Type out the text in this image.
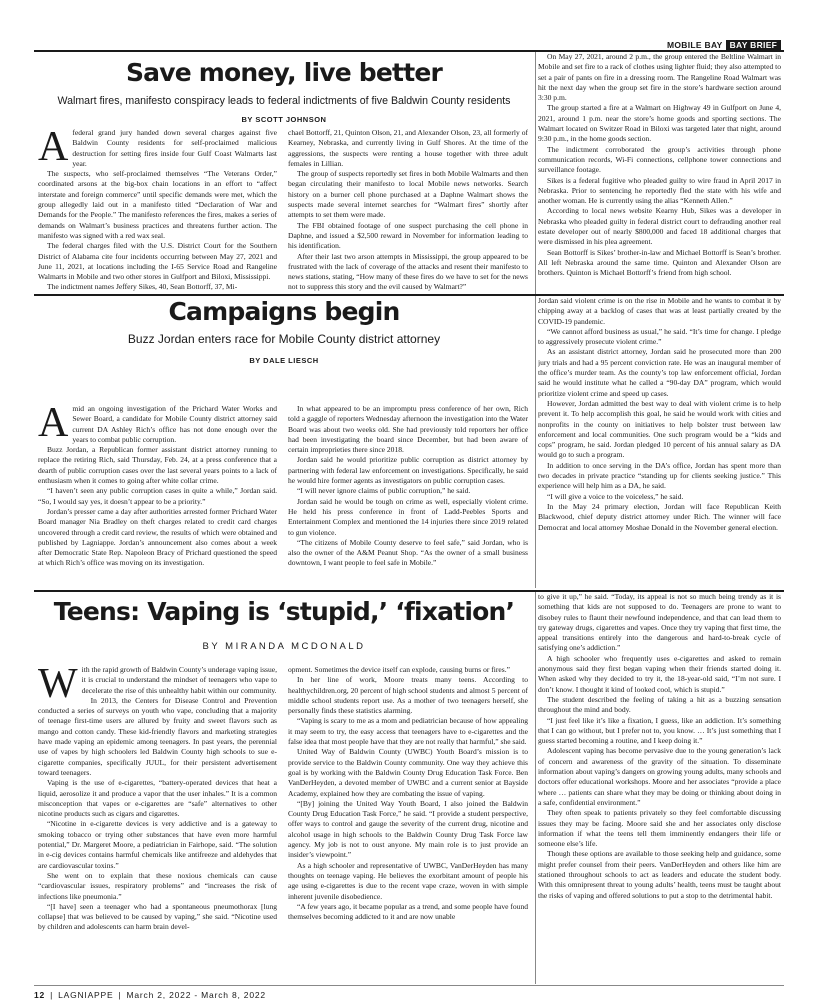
MOBILE BAY BAY BRIEF
Save money, live better
Walmart fires, manifesto conspiracy leads to federal indictments of five Baldwin County residents
BY SCOTT JOHNSON
A federal grand jury handed down several charges against five Baldwin County residents for self-proclaimed malicious destruction for setting fires inside four Gulf Coast Walmarts last year.

The suspects, who self-proclaimed themselves “The Veterans Order,” coordinated arsons at the big-box chain locations in an effort to “affect interstate and foreign commerce” until specific demands were met, which the group allegedly laid out in a manifesto titled “Declaration of War and Demands for the People.” The manifesto references the fires, makes a series of demands on Walmart’s business practices and threatens further action. The manifesto was signed with a red wax seal.

The federal charges filed with the U.S. District Court for the Southern District of Alabama cite four incidents occurring between May 27, 2021 and June 11, 2021, at locations including the I-65 Service Road and Rangeline Walmarts in Mobile and two other stores in Gulfport and Biloxi, Mississippi.

The indictment names Jeffery Sikes, 40, Sean Bottorff, 37, Mi-

chael Bottorff, 21, Quinton Olson, 21, and Alexander Olson, 23, all formerly of Kearney, Nebraska, and currently living in Gulf Shores. At the time of the aggressions, the suspects were renting a house together with three adult females in Lillian.

The group of suspects reportedly set fires in both Mobile Walmarts and then began circulating their manifesto to local Mobile news networks. Search history on a burner cell phone purchased at a Daphne Walmart shows the suspects made several internet searches for “Walmart fires” shortly after attempts to set them were made.

The FBI obtained footage of one suspect purchasing the cell phone in Daphne, and issued a $2,500 reward in November for information leading to his identification.

After their last two arson attempts in Mississippi, the group appeared to be frustrated with the lack of coverage of the attacks and resent their manifesto to news stations, stating, “How many of these fires do we have to set for the news not to suppress this story and the evil caused by Walmart?”

On May 27, 2021, around 2 p.m., the group entered the Beltline Walmart in Mobile and set fire to a rack of clothes using lighter fluid; they also attempted to set a pair of pants on fire in a dressing room. The Rangeline Road Walmart was hit the next day when the group set fire in the store’s hardware section around 3:30 p.m.

The group started a fire at a Walmart on Highway 49 in Gulfport on June 4, 2021, around 1 p.m. near the store’s home goods and sporting sections. The Walmart located on Switzer Road in Biloxi was targeted later that night, around 9:30 p.m., in the home goods section.

The indictment corroborated the group’s activities through phone communication records, Wi-Fi connections, cellphone tower connections and surveillance footage.

Sikes is a federal fugitive who pleaded guilty to wire fraud in April 2017 in Nebraska. Prior to sentencing he reportedly fled the state with his wife and another woman. He is currently using the alias “Kenneth Allen.”

According to local news website Kearny Hub, Sikes was a developer in Nebraska who pleaded guilty in federal district court to defrauding another real estate developer out of nearly $800,000 and faced 18 additional charges that were dismissed in his plea agreement.

Sean Bottorff is Sikes’ brother-in-law and Michael Bottorff is Sean’s brother. All left Nebraska around the same time. Quinton and Alexander Olson are brothers. Quinton is Michael Bottorff’s friend from high school.

Campaigns begin
Buzz Jordan enters race for Mobile County district attorney
BY DALE LIESCH
A mid an ongoing investigation of the Prichard Water Works and Sewer Board, a candidate for Mobile County district attorney said current DA Ashley Rich’s office has not done enough over the years to combat public corruption.

Buzz Jordan, a Republican former assistant district attorney running to replace the retiring Rich, said Thursday, Feb. 24, at a press conference that a dearth of public corruption cases over the last several years points to a lack of enthusiasm when it comes to going after white collar crime.

“I haven’t seen any public corruption cases in quite a while,” Jordan said. “So, I would say yes, it doesn’t appear to be a priority.”

Jordan’s presser came a day after authorities arrested former Prichard Water Board manager Nia Bradley on theft charges related to credit card charges uncovered through a credit card review, the results of which were obtained and published by Lagniappe. Jordan’s announcement also comes about a week after Democratic State Rep. Napoleon Bracy of Prichard questioned the speed at which Rich’s office was moving on its investigation.

In what appeared to be an impromptu press conference of her own, Rich told a gaggle of reporters Wednesday afternoon the investigation into the Water Board was about two weeks old. She had previously told reporters her office had been investigating the board since December, but had been aware of certain improprieties there since 2018.

Jordan said he would prioritize public corruption as district attorney by partnering with federal law enforcement on investigations. Specifically, he said he would hire former agents as investigators on public corruption cases.

“I will never ignore claims of public corruption,” he said.

Jordan said he would be tough on crime as well, especially violent crime. He held his press conference in front of Ladd-Peebles Sports and Entertainment Complex and mentioned the 14 injuries there since 2019 related to gun violence.

“The citizens of Mobile County deserve to feel safe,” said Jordan, who is also the owner of the A&M Peanut Shop. “As the owner of a small business downtown, I want people to feel safe in Mobile.”

Jordan said violent crime is on the rise in Mobile and he wants to combat it by chipping away at a backlog of cases that was at least partially created by the COVID-19 pandemic.

“We cannot afford business as usual,” he said. “It’s time for change. I pledge to aggressively prosecute violent crime.”

As an assistant district attorney, Jordan said he prosecuted more than 200 jury trials and had a 95 percent conviction rate. He was an inaugural member of the office’s murder team. As the county’s top law enforcement official, Jordan said he would institute what he called a “90-day DA” program, which would prioritize violent crime and speed up cases.

However, Jordan admitted the best way to deal with violent crime is to help prevent it. To help accomplish this goal, he said he would work with cities and nonprofits in the county on initiatives to help bolster trust between law enforcement and local communities. One such program would be a “kids and cops” program, he said. Jordan pledged 10 percent of his annual salary as DA would go to such a program.

In addition to once serving in the DA’s office, Jordan has spent more than two decades in private practice “standing up for clients seeking justice.” This experience will help him as a DA, he said.

“I will give a voice to the voiceless,” he said.

In the May 24 primary election, Jordan will face Republican Keith Blackwood, chief deputy district attorney under Rich. The winner will face Democrat and local attorney Moshae Donald in the November general election.

Teens: Vaping is ‘stupid,’ ‘fixation’
BY MIRANDA MCDONALD
W ith the rapid growth of Baldwin County’s underage vaping issue, it is crucial to understand the mindset of teenagers who vape to decelerate the rise of this unhealthy habit within our community.

In 2013, the Centers for Disease Control and Prevention conducted a series of surveys on youth who vape, concluding that a majority of teenage first-time users are allured by fruity and sweet flavors such as mango and cotton candy. These kid-friendly flavors and marketing strategies have made vaping an epidemic among teenagers. In past years, the perennial use of vapes by high schoolers led Baldwin County high schools to sue e-cigarette companies, specifically JUUL, for their persistent advertisement toward teenagers.

Vaping is the use of e-cigarettes, “battery-operated devices that heat a liquid, aerosolize it and produce a vapor that the user inhales.” It is a common misconception that vapes or e-cigarettes are “safe” alternatives to other nicotine products such as cigars and cigarettes.

“Nicotine in e-cigarette devices is very addictive and is a gateway to smoking tobacco or trying other substances that have even more harmful potential,” Dr. Margeret Moore, a pediatrician in Fairhope, said. “The solution in e-cig devices contains harmful chemicals like antifreeze and aldehydes that are cardiovascular toxins.”

She went on to explain that these noxious chemicals can cause “cardiovascular issues, respiratory problems” and “increases the risk of infections like pneumonia.”

“[I have] seen a teenager who had a spontaneous pneumothorax [lung collapse] that was believed to be caused by vaping,” she said. “Nicotine used by children and adolescents can harm brain devel-

opment. Sometimes the device itself can explode, causing burns or fires.”

In her line of work, Moore treats many teens. According to healthychildren.org, 20 percent of high school students and almost 5 percent of middle school students report use. As a mother of two teenagers herself, she personally finds these statistics alarming.

“Vaping is scary to me as a mom and pediatrician because of how appealing it may seem to try, the easy access that teenagers have to e-cigarettes and the false idea that most people have that they are not really that harmful,” she said.

United Way of Baldwin County (UWBC) Youth Board’s mission is to provide service to the Baldwin County community. One way they achieve this goal is by working with the Baldwin County Drug Education Task Force. Ben VanDerHeyden, a devoted member of UWBC and a current senior at Bayside Academy, explained how they are combating the issue of vaping.

“[By] joining the United Way Youth Board, I also joined the Baldwin County Drug Education Task Force,” he said. “I provide a student perspective, offer ways to control and gauge the severity of the current drug, nicotine and alcohol usage in high schools to the Baldwin County Drug Task Force law agency. My job is not to oust anyone. My main role is to just provide an insider’s viewpoint.”

As a high schooler and representative of UWBC, VanDerHeyden has many thoughts on teenage vaping. He believes the exorbitant amount of people his age using e-cigarettes is due to the recent vape craze, woven in with simple inherent juvenile disobedience.

“A few years ago, it became popular as a trend, and some people have found themselves becoming addicted to it and are now unable

to give it up,” he said. “Today, its appeal is not so much being trendy as it is something that kids are not supposed to do. Teenagers are prone to want to disobey rules to flaunt their newfound independence, and that can lead them to try gateway drugs, cigarettes and vapes. Once they try vaping that first time, the appeal transitions entirely into the dangerous and hard-to-break cycle of satisfying one’s addiction.”

A high schooler who frequently uses e-cigarettes and asked to remain anonymous said they first began vaping when their friends started doing it. When asked why they decided to try it, the 18-year-old said, “I’m not sure. I don’t know. I thought it kind of looked cool, which is stupid.”

The student described the feeling of taking a hit as a buzzing sensation throughout the mind and body.

“I just feel like it’s like a fixation, I guess, like an addiction. It’s something that I can go without, but I prefer not to, you know. … It’s just something that I guess started becoming a routine, and I keep doing it.”

Adolescent vaping has become pervasive due to the young generation’s lack of concern and awareness of the gravity of the situation. To disseminate information about vaping’s dangers on growing young adults, many schools and doctors offer educational workshops. Moore and her associates “provide a place where … patients can share what they may be doing or thinking about doing in a safe, confidential environment.”

They often speak to patients privately so they feel comfortable discussing issues they may be facing. Moore said she and her associates only disclose information if what the teens tell them imminently endangers their life or someone else’s life.

Though these options are available to those seeking help and guidance, some might prefer counsel from their peers. VanDerHeyden and others like him are stationed throughout schools to act as leaders and educate the student body. With this omnipresent threat to young adults’ health, teens must be taught about the risks of vaping and offered solutions to put a stop to the detrimental habit.

12 | LAGNIAPPE | March 2, 2022 - March 8, 2022
